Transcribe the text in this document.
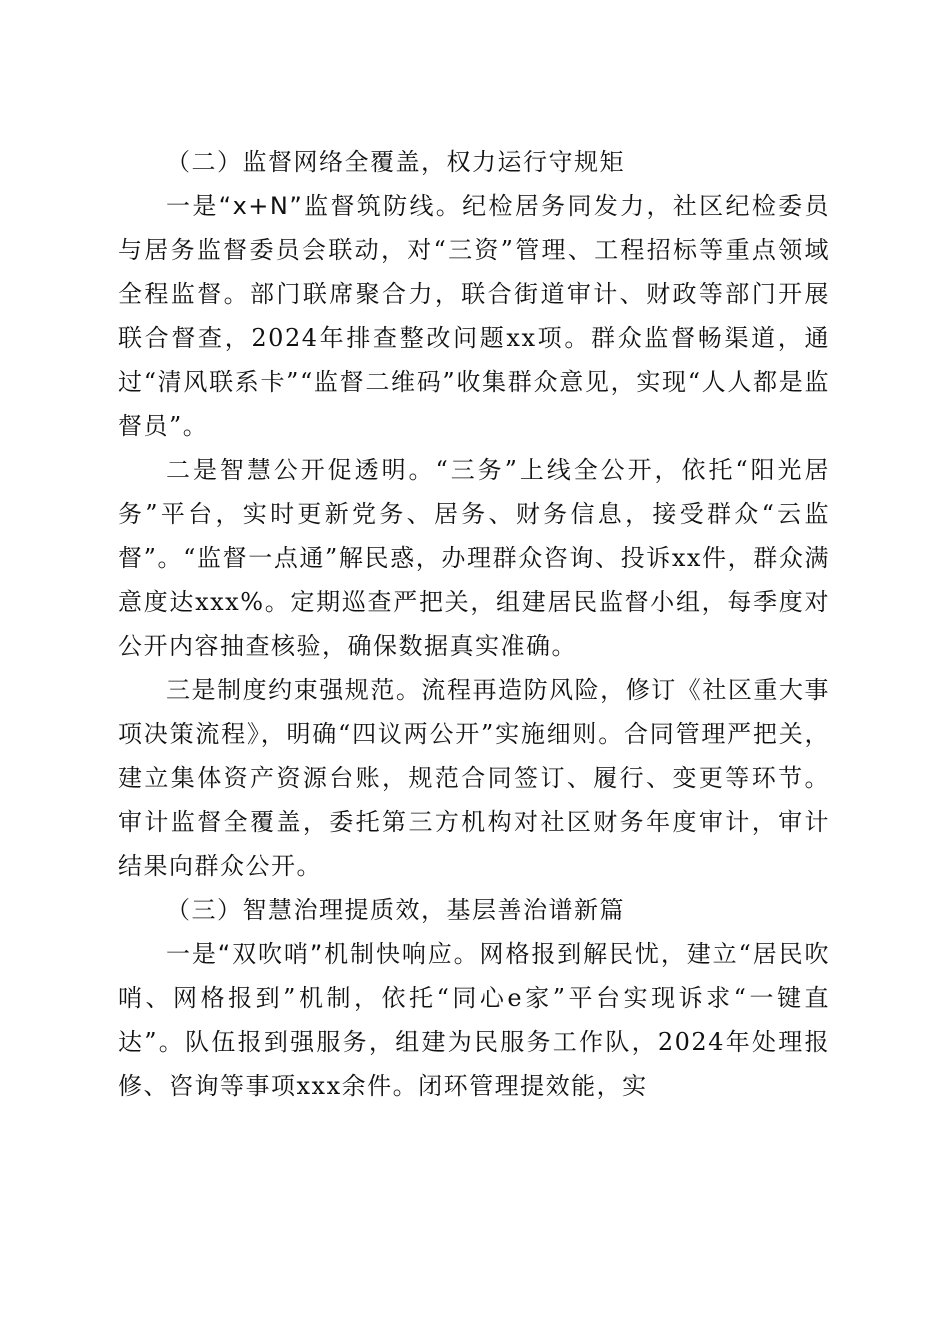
（二）监督网络全覆盖，权力运行守规矩

一是“x+N”监督筑防线。纪检居务同发力，社区纪检委员与居务监督委员会联动，对“三资”管理、工程招标等重点领域全程监督。部门联席聚合力，联合街道审计、财政等部门开展联合督查，2024年排查整改问题xx项。群众监督畅渠道，通过“清风联系卡”“监督二维码”收集群众意见，实现“人人都是监督员”。

二是智慧公开促透明。“三务”上线全公开，依托“阳光居务”平台，实时更新党务、居务、财务信息，接受群众“云监督”。“监督一点通”解民惑，办理群众咨询、投诉xx件，群众满意度达xxx%。定期巡查严把关，组建居民监督小组，每季度对公开内容抽查核验，确保数据真实准确。

三是制度约束强规范。流程再造防风险，修订《社区重大事项决策流程》，明确“四议两公开”实施细则。合同管理严把关，建立集体资产资源台账，规范合同签订、履行、变更等环节。审计监督全覆盖，委托第三方机构对社区财务年度审计，审计结果向群众公开。

（三）智慧治理提质效，基层善治谱新篇

一是“双吹哨”机制快响应。网格报到解民忧，建立“居民吹哨、网格报到”机制，依托“同心e家”平台实现诉求“一键直达”。队伍报到强服务，组建为民服务工作队，2024年处理报修、咨询等事项xxx余件。闭环管理提效能，实
